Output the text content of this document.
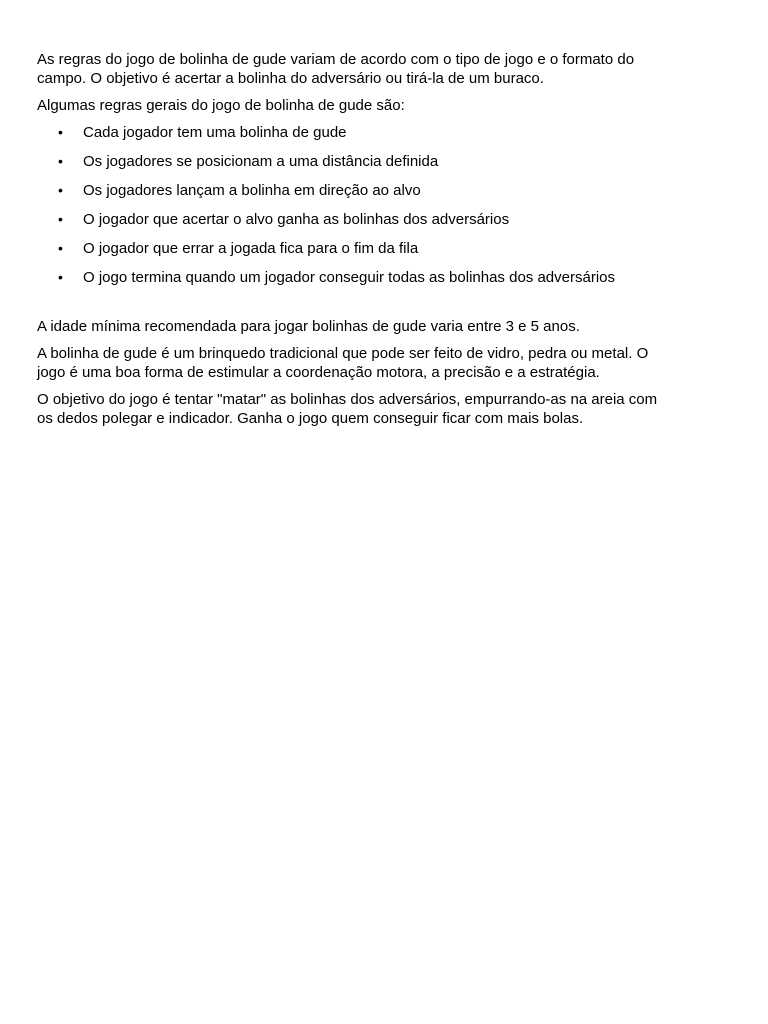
As regras do jogo de bolinha de gude variam de acordo com o tipo de jogo e o formato do campo. O objetivo é acertar a bolinha do adversário ou tirá-la de um buraco.

Algumas regras gerais do jogo de bolinha de gude são:

• Cada jogador tem uma bolinha de gude
• Os jogadores se posicionam a uma distância definida
• Os jogadores lançam a bolinha em direção ao alvo
• O jogador que acertar o alvo ganha as bolinhas dos adversários
• O jogador que errar a jogada fica para o fim da fila
• O jogo termina quando um jogador conseguir todas as bolinhas dos adversários

A idade mínima recomendada para jogar bolinhas de gude varia entre 3 e 5 anos.

A bolinha de gude é um brinquedo tradicional que pode ser feito de vidro, pedra ou metal. O jogo é uma boa forma de estimular a coordenação motora, a precisão e a estratégia.

O objetivo do jogo é tentar "matar" as bolinhas dos adversários, empurrando-as na areia com os dedos polegar e indicador. Ganha o jogo quem conseguir ficar com mais bolas.
